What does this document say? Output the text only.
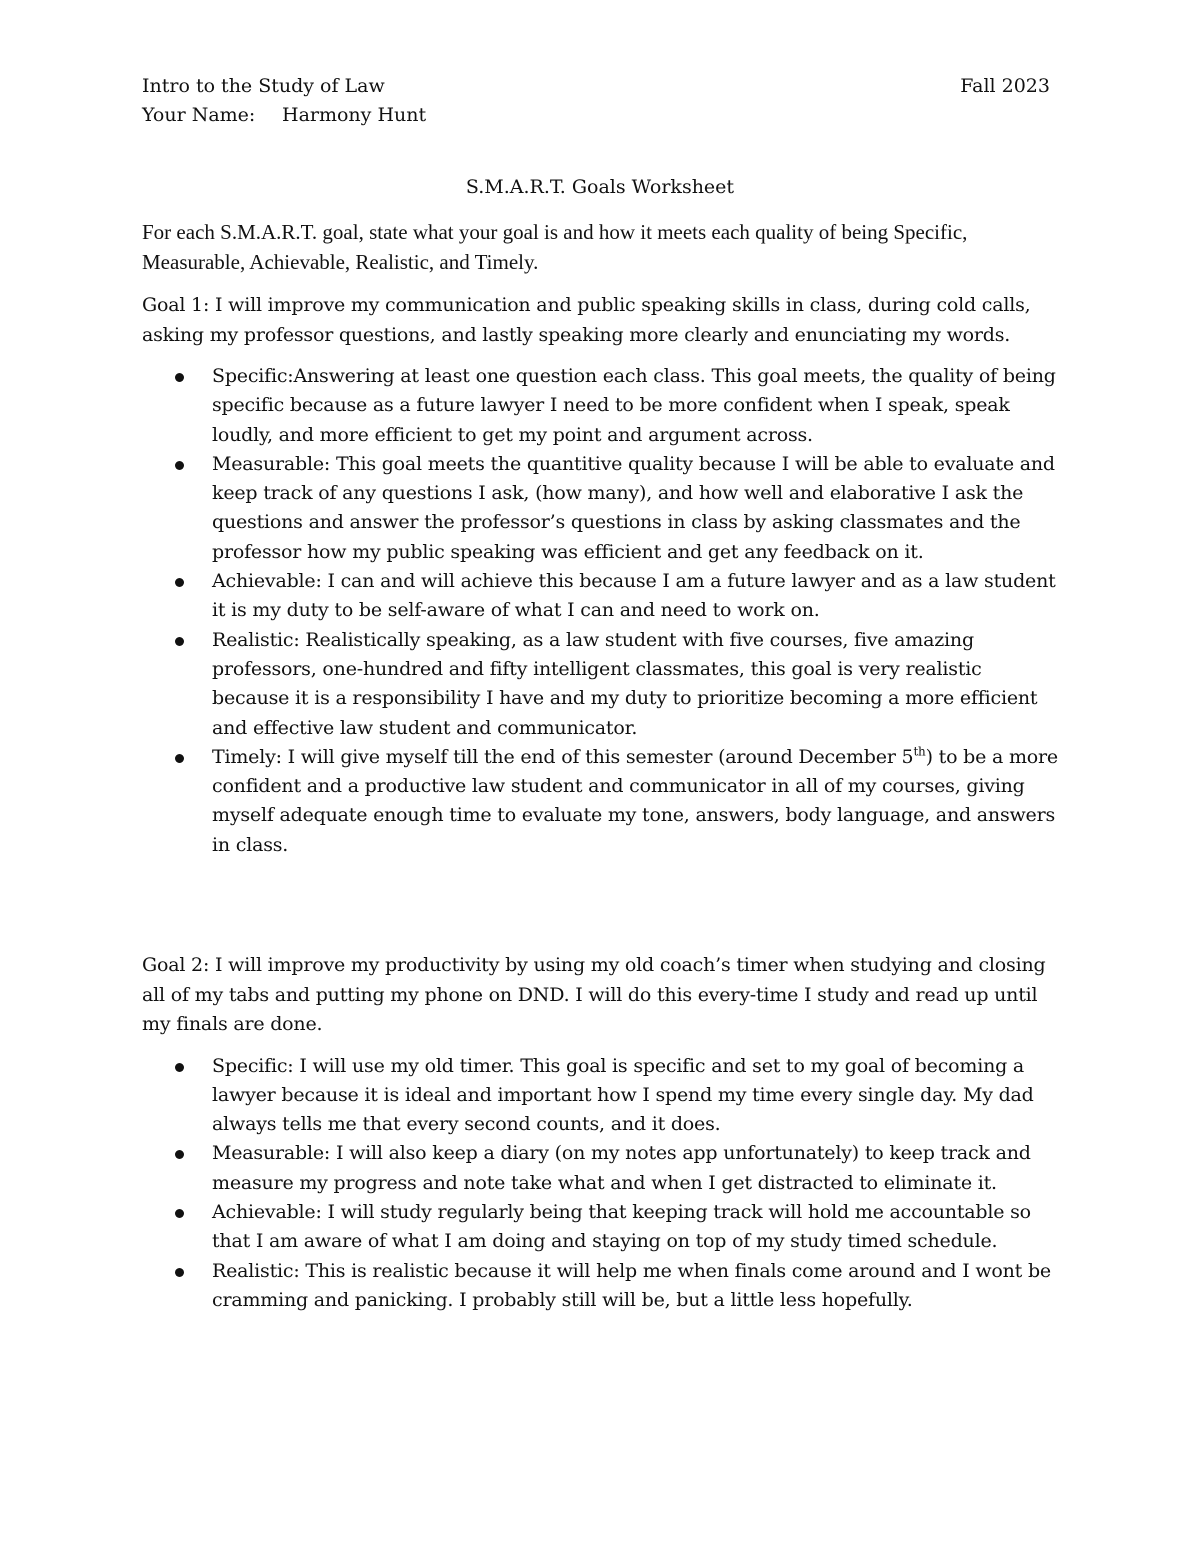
Intro to the Study of Law	Fall 2023
Your Name: Harmony Hunt
S.M.A.R.T. Goals Worksheet
For each S.M.A.R.T. goal, state what your goal is and how it meets each quality of being Specific, Measurable, Achievable, Realistic, and Timely.

Goal 1: I will improve my communication and public speaking skills in class, during cold calls, asking my professor questions, and lastly speaking more clearly and enunciating my words.

Specific:Answering at least one question each class. This goal meets, the quality of being specific because as a future lawyer I need to be more confident when I speak, speak loudly, and more efficient to get my point and argument across.
Measurable: This goal meets the quantitive quality because I will be able to evaluate and keep track of any questions I ask, (how many), and how well and elaborative I ask the questions and answer the professor’s questions in class by asking classmates and the professor how my public speaking was efficient and get any feedback on it.
Achievable: I can and will achieve this because I am a future lawyer and as a law student it is my duty to be self-aware of what I can and need to work on.
Realistic: Realistically speaking, as a law student with five courses, five amazing professors, one-hundred and fifty intelligent classmates, this goal is very realistic because it is a responsibility I have and my duty to prioritize becoming a more efficient and effective law student and communicator.
Timely: I will give myself till the end of this semester (around December 5th) to be a more confident and a productive law student and communicator in all of my courses, giving myself adequate enough time to evaluate my tone, answers, body language, and answers in class.

Goal 2: I will improve my productivity by using my old coach’s timer when studying and closing all of my tabs and putting my phone on DND. I will do this every-time I study and read up until my finals are done.

Specific: I will use my old timer. This goal is specific and set to my goal of becoming a lawyer because it is ideal and important how I spend my time every single day. My dad always tells me that every second counts, and it does.
Measurable: I will also keep a diary (on my notes app unfortunately) to keep track and measure my progress and note take what and when I get distracted to eliminate it.
Achievable: I will study regularly being that keeping track will hold me accountable so that I am aware of what I am doing and staying on top of my study timed schedule.
Realistic: This is realistic because it will help me when finals come around and I wont be cramming and panicking. I probably still will be, but a little less hopefully.
